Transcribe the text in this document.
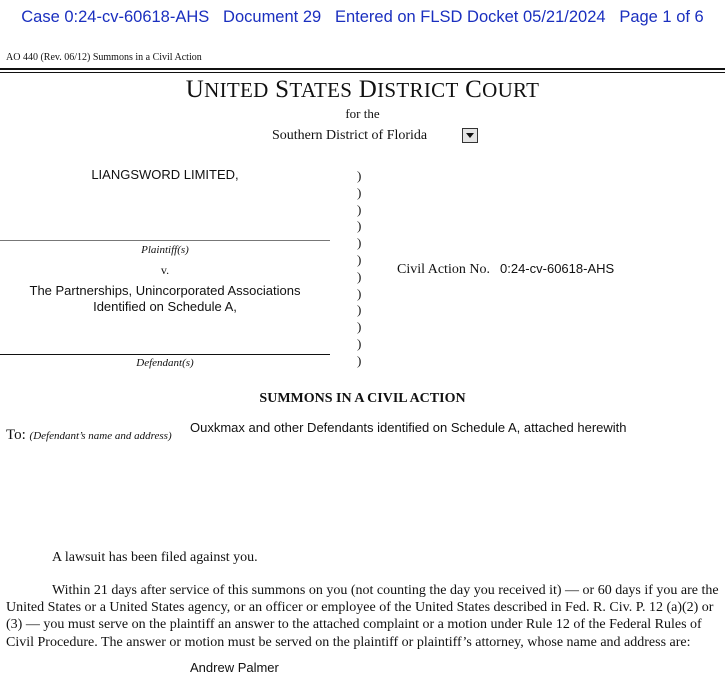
Case 0:24-cv-60618-AHS Document 29 Entered on FLSD Docket 05/21/2024 Page 1 of 6
AO 440 (Rev. 06/12) Summons in a Civil Action
UNITED STATES DISTRICT COURT
for the
Southern District of Florida
LIANGSWORD LIMITED,
Plaintiff(s)
v.
The Partnerships, Unincorporated Associations
Identified on Schedule A,
Defendant(s)
)
)
)
)
)
)
)
)
)
)
)
)
Civil Action No. 0:24-cv-60618-AHS
SUMMONS IN A CIVIL ACTION
To: (Defendant’s name and address)
Ouxkmax and other Defendants identified on Schedule A, attached herewith
A lawsuit has been filed against you.
Within 21 days after service of this summons on you (not counting the day you received it) — or 60 days if you are the United States or a United States agency, or an officer or employee of the United States described in Fed. R. Civ. P. 12 (a)(2) or (3) — you must serve on the plaintiff an answer to the attached complaint or a motion under Rule 12 of the Federal Rules of Civil Procedure. The answer or motion must be served on the plaintiff or plaintiff’s attorney, whose name and address are:
Andrew Palmer
